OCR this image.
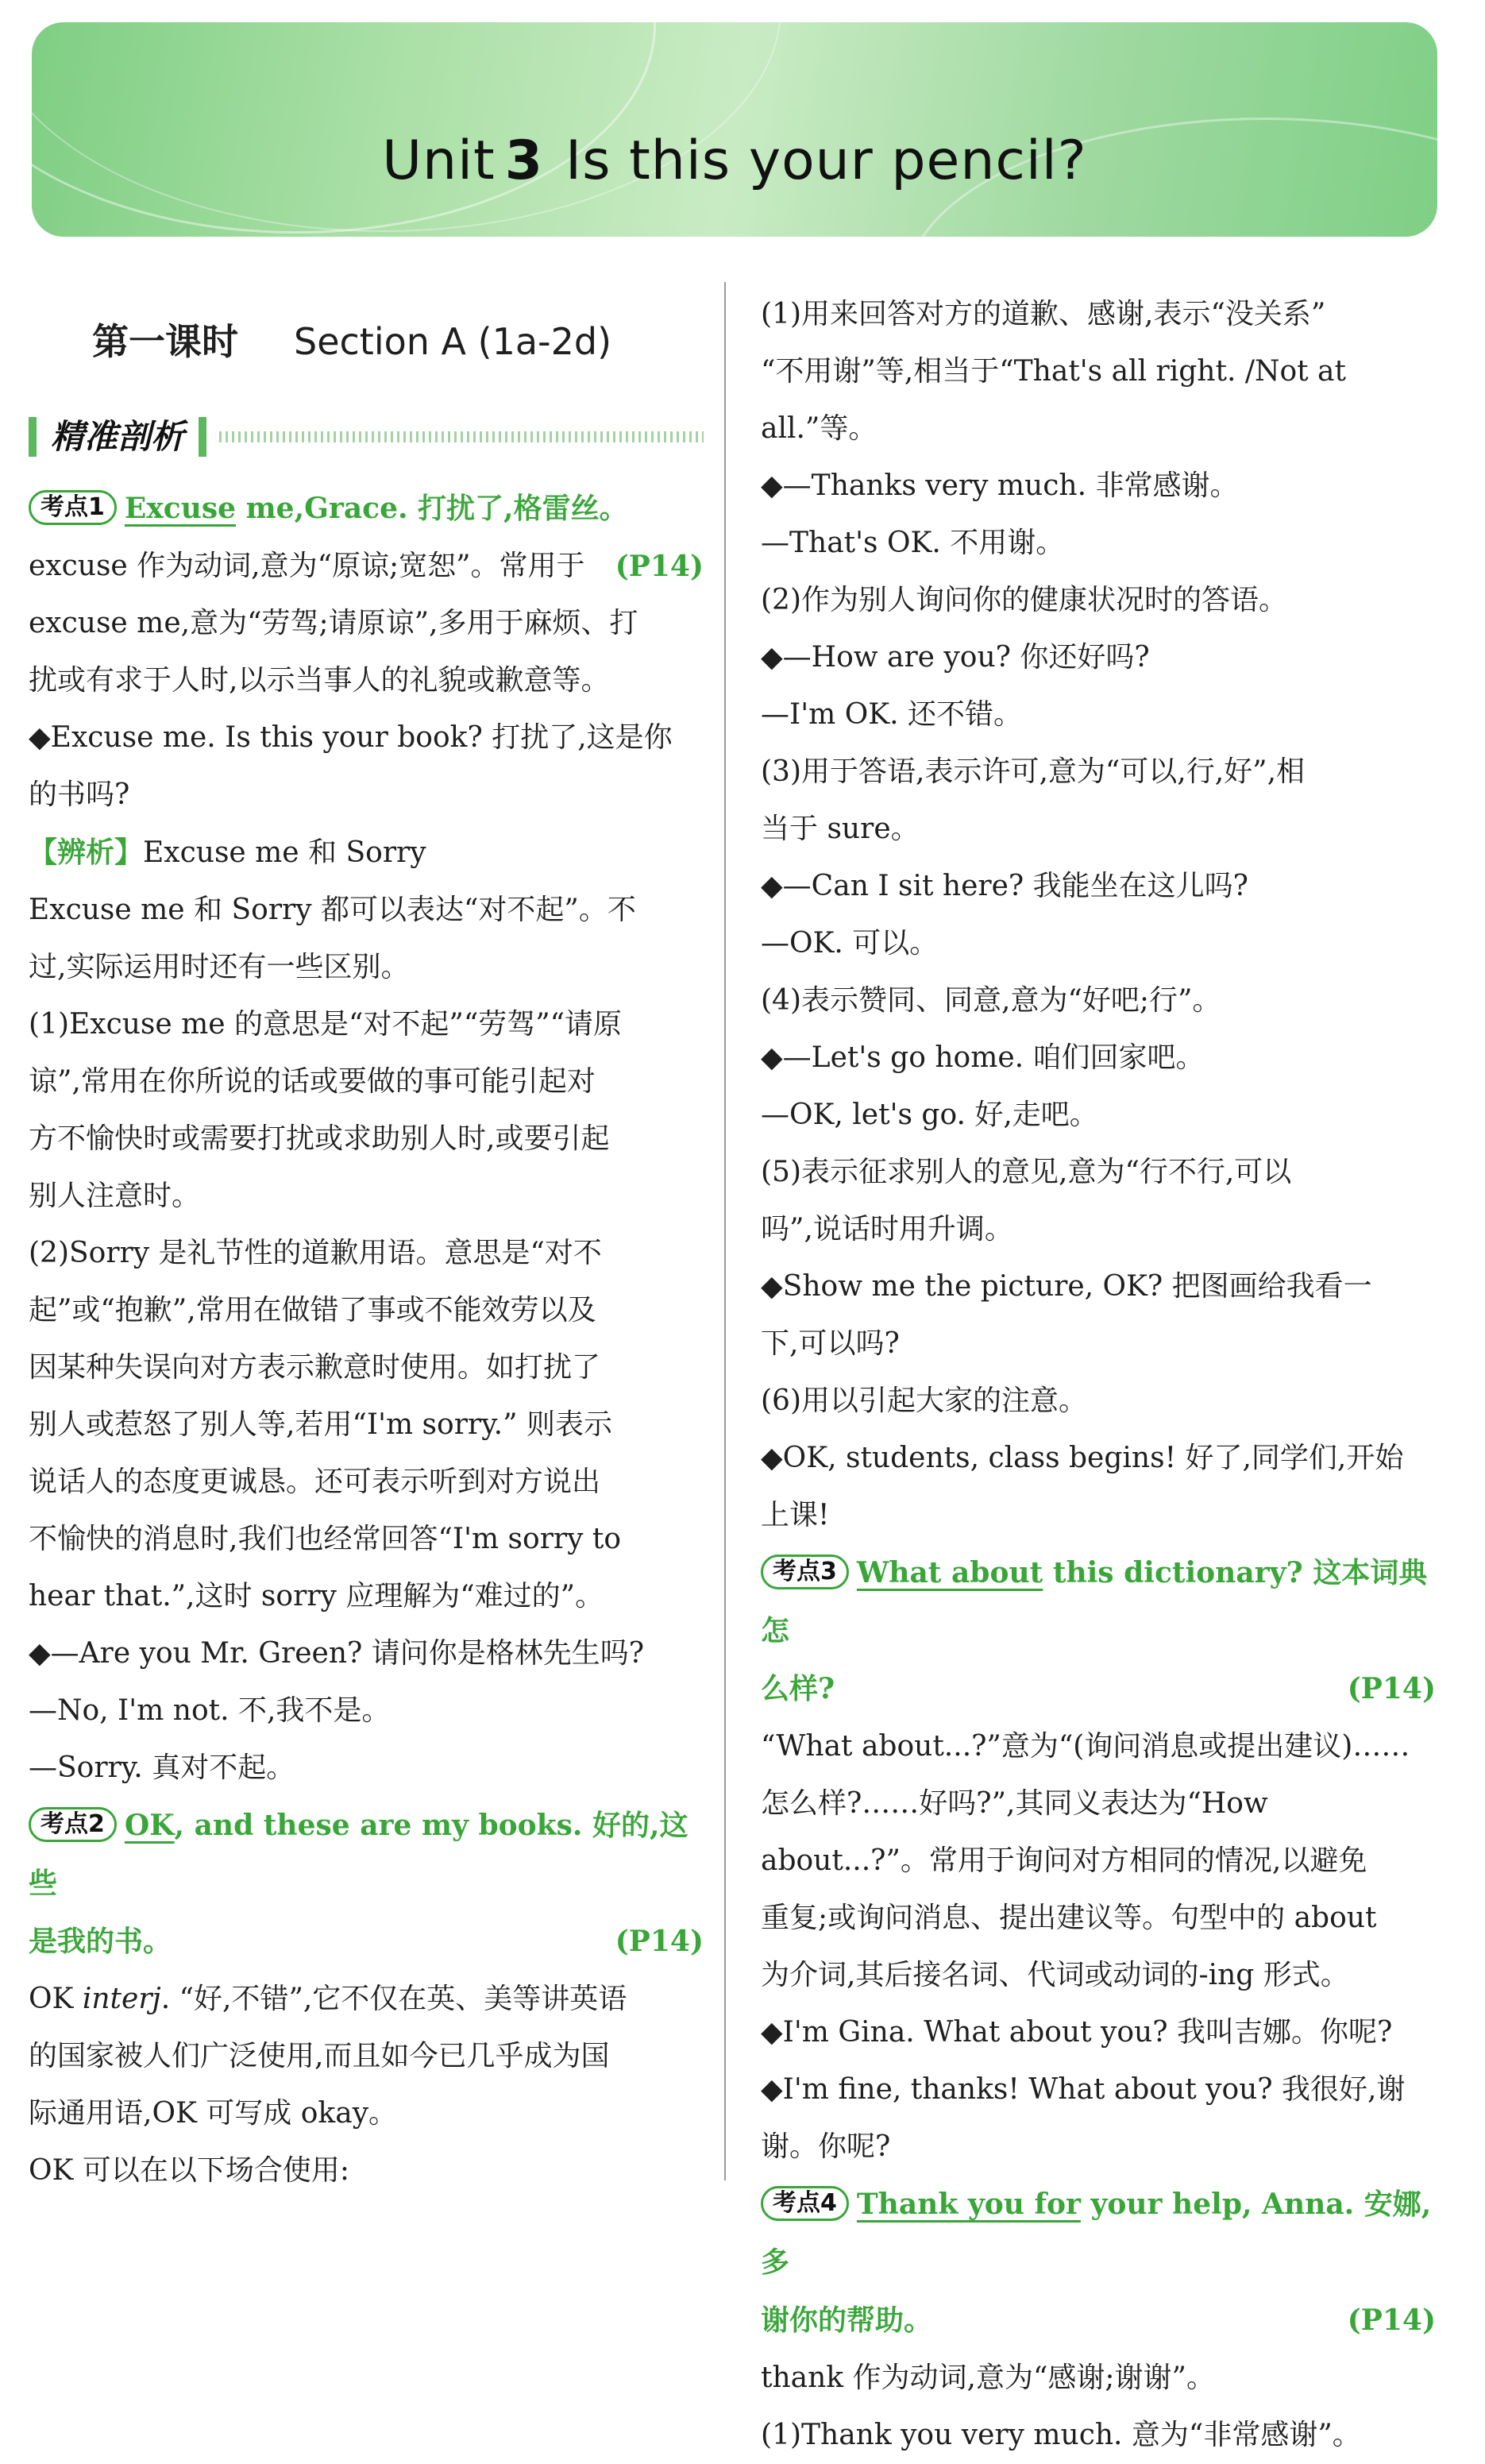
Unit 3 Is this your pencil?
第一课时 Section A (1a-2d)
精准剖析

考点1 Excuse me,Grace. 打扰了,格雷丝。
(P14)

excuse 作为动词,意为“原谅;宽恕”。常用于

excuse me,意为“劳驾;请原谅”,多用于麻烦、打

扰或有求于人时,以示当事人的礼貌或歉意等。

◆Excuse me. Is this your book? 打扰了,这是你

的书吗?

【辨析】Excuse me 和 Sorry

Excuse me 和 Sorry 都可以表达“对不起”。不

过,实际运用时还有一些区别。

(1)Excuse me 的意思是“对不起”“劳驾”“请原

谅”,常用在你所说的话或要做的事可能引起对

方不愉快时或需要打扰或求助别人时,或要引起

别人注意时。

(2)Sorry 是礼节性的道歉用语。意思是“对不

起”或“抱歉”,常用在做错了事或不能效劳以及

因某种失误向对方表示歉意时使用。如打扰了

别人或惹怒了别人等,若用“I'm sorry.” 则表示

说话人的态度更诚恳。还可表示听到对方说出

不愉快的消息时,我们也经常回答“I'm sorry to

hear that.”,这时 sorry 应理解为“难过的”。

◆—Are you Mr. Green? 请问你是格林先生吗?

—No, I'm not. 不,我不是。

—Sorry. 真对不起。

考点2 OK, and these are my books. 好的,这些

是我的书。	(P14)

OK interj. “好,不错”,它不仅在英、美等讲英语

的国家被人们广泛使用,而且如今已几乎成为国

际通用语,OK 可写成 okay。

OK 可以在以下场合使用:

(1)用来回答对方的道歉、感谢,表示“没关系”

“不用谢”等,相当于“That's all right. /Not at

all.”等。

◆—Thanks very much. 非常感谢。

—That's OK. 不用谢。

(2)作为别人询问你的健康状况时的答语。

◆—How are you? 你还好吗?

—I'm OK. 还不错。

(3)用于答语,表示许可,意为“可以,行,好”,相

当于 sure。

◆—Can I sit here? 我能坐在这儿吗?

—OK. 可以。

(4)表示赞同、同意,意为“好吧;行”。

◆—Let's go home. 咱们回家吧。

—OK, let's go. 好,走吧。

(5)表示征求别人的意见,意为“行不行,可以

吗”,说话时用升调。

◆Show me the picture, OK? 把图画给我看一

下,可以吗?

(6)用以引起大家的注意。

◆OK, students, class begins! 好了,同学们,开始

上课!

考点3 What about this dictionary? 这本词典怎

么样?	(P14)

“What about...?”意为“(询问消息或提出建议)……

怎么样?……好吗?”,其同义表达为“How

about...?”。常用于询问对方相同的情况,以避免

重复;或询问消息、提出建议等。句型中的 about

为介词,其后接名词、代词或动词的-ing 形式。

◆I'm Gina. What about you? 我叫吉娜。你呢?

◆I'm fine, thanks! What about you? 我很好,谢

谢。你呢?

考点4 Thank you for your help, Anna. 安娜,多

谢你的帮助。	(P14)

thank 作为动词,意为“感谢;谢谢”。

(1)Thank you very much. 意为“非常感谢”。
